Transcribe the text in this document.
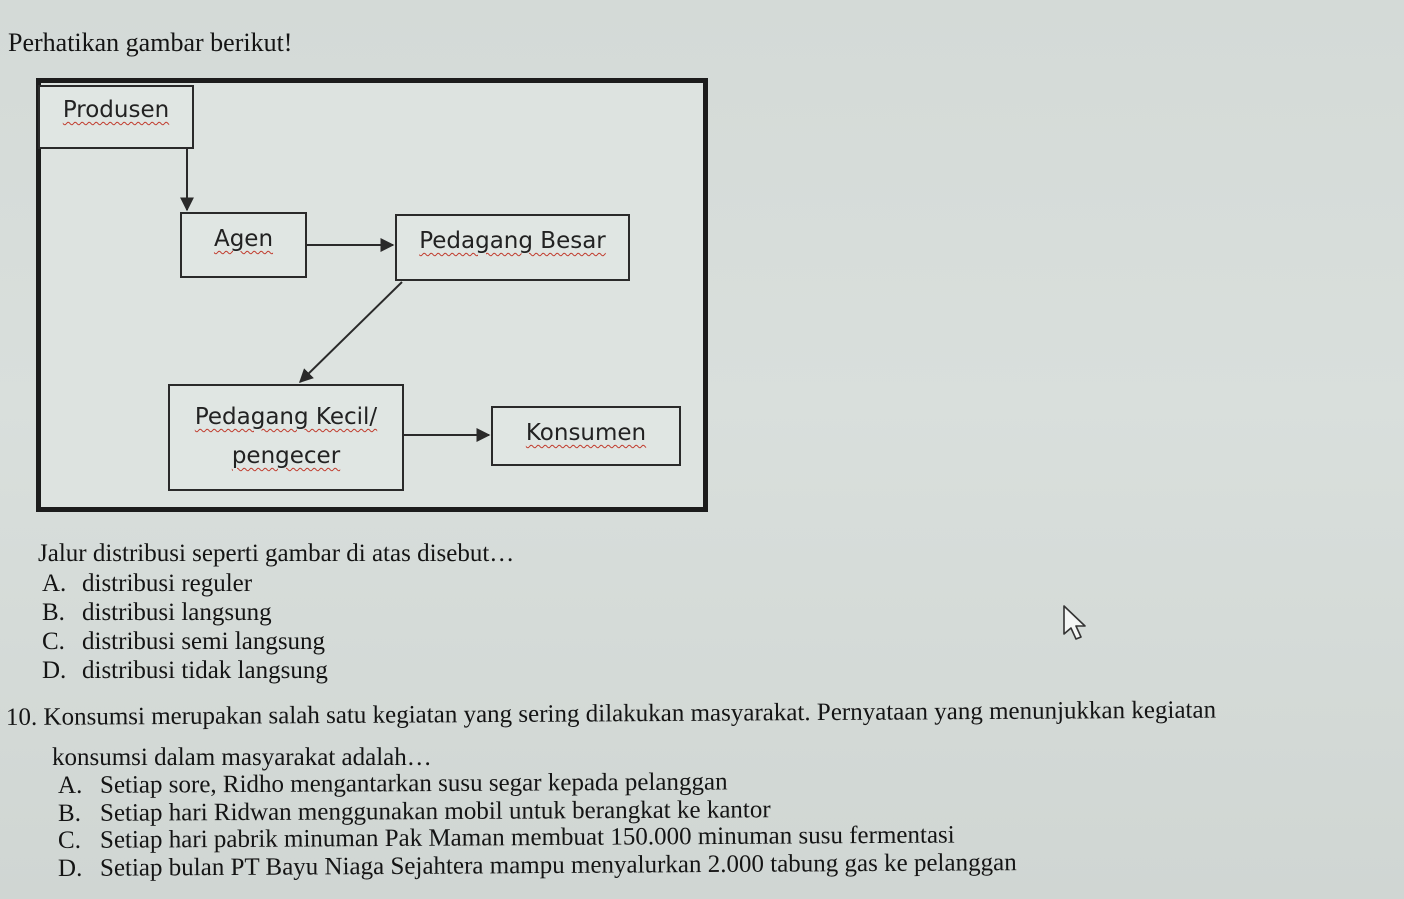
Perhatikan gambar berikut!
Produsen
Agen	Pedagang Besar
Pedagang Kecil/
pengecer
Konsumen
Jalur distribusi seperti gambar di atas disebut…
A. distribusi reguler
B. distribusi langsung
C. distribusi semi langsung
D. distribusi tidak langsung
10. Konsumsi merupakan salah satu kegiatan yang sering dilakukan masyarakat. Pernyataan yang menunjukkan kegiatan
konsumsi dalam masyarakat adalah…
A. Setiap sore, Ridho mengantarkan susu segar kepada pelanggan
B. Setiap hari Ridwan menggunakan mobil untuk berangkat ke kantor
C. Setiap hari pabrik minuman Pak Maman membuat 150.000 minuman susu fermentasi
D. Setiap bulan PT Bayu Niaga Sejahtera mampu menyalurkan 2.000 tabung gas ke pelanggan
